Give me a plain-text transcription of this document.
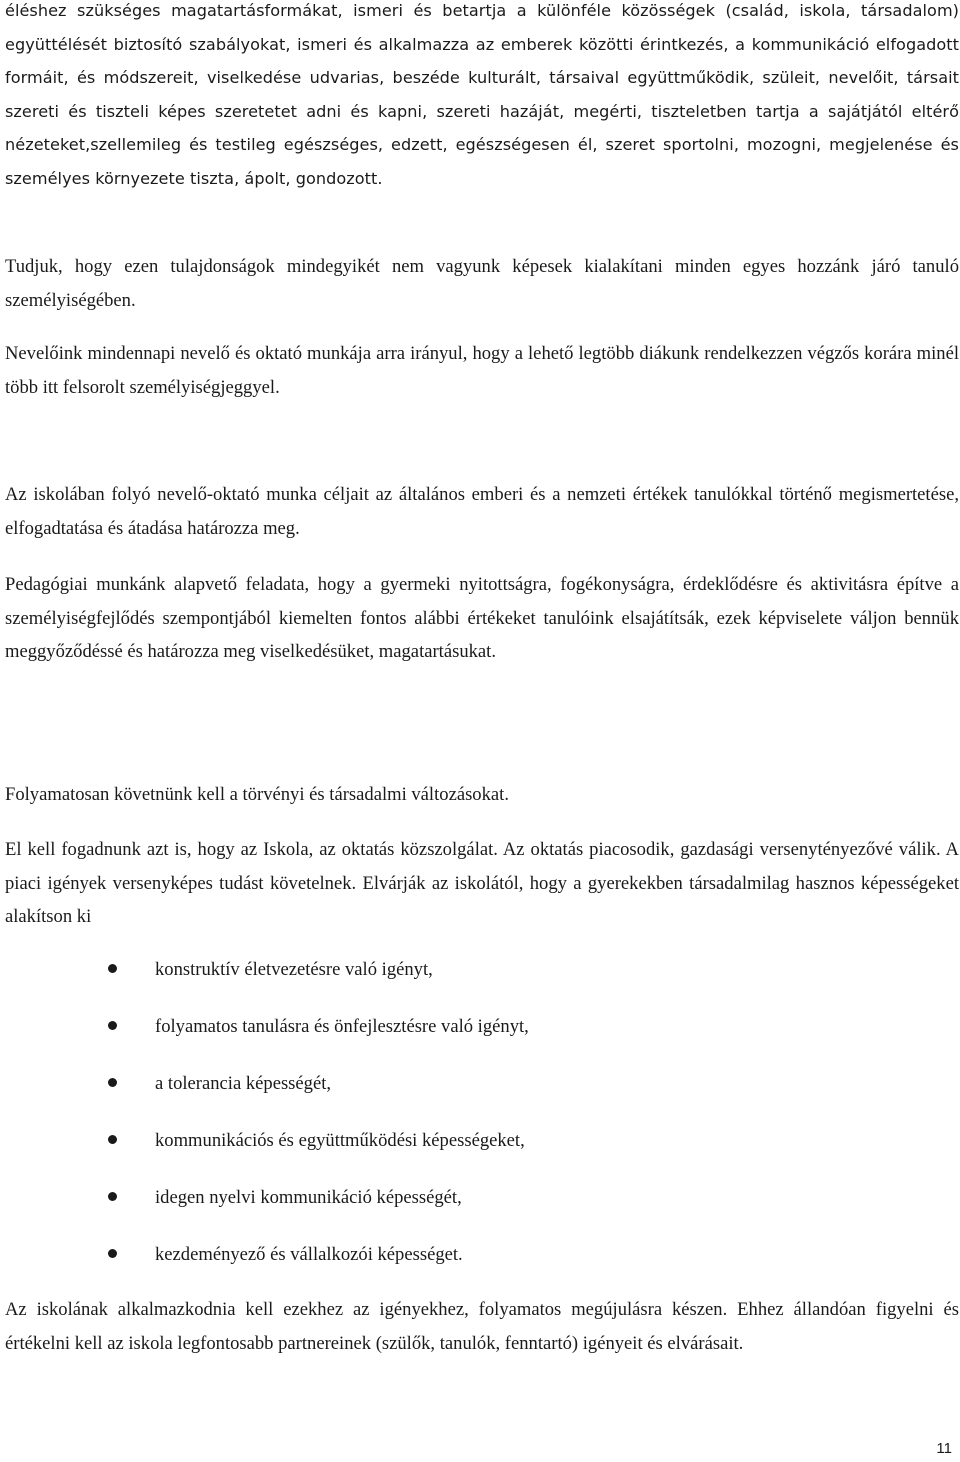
éléshez szükséges magatartásformákat, ismeri és betartja a különféle közösségek (család, iskola, társadalom) együttélését biztosító szabályokat, ismeri és alkalmazza az emberek közötti érintkezés, a kommunikáció elfogadott formáit, és módszereit, viselkedése udvarias, beszéde kulturált, társaival együttműködik, szüleit, nevelőit, társait szereti és tiszteli képes szeretetet adni és kapni, szereti hazáját, megérti, tiszteletben tartja a sajátjától eltérő nézeteket,szellemileg és testileg egészséges, edzett, egészségesen él, szeret sportolni, mozogni, megjelenése és személyes környezete tiszta, ápolt, gondozott.

Tudjuk, hogy ezen tulajdonságok mindegyikét nem vagyunk képesek kialakítani minden egyes hozzánk járó tanuló személyiségében.

Nevelőink mindennapi nevelő és oktató munkája arra irányul, hogy a lehető legtöbb diákunk rendelkezzen végzős korára minél több itt felsorolt személyiségjeggyel.

Az iskolában folyó nevelő-oktató munka céljait az általános emberi és a nemzeti értékek tanulókkal történő megismertetése, elfogadtatása és átadása határozza meg.

Pedagógiai munkánk alapvető feladata, hogy a gyermeki nyitottságra, fogékonyságra, érdeklődésre és aktivitásra építve a személyiségfejlődés szempontjából kiemelten fontos alábbi értékeket tanulóink elsajátítsák, ezek képviselete váljon bennük meggyőződéssé és határozza meg viselkedésüket, magatartásukat.

Folyamatosan követnünk kell a törvényi és társadalmi változásokat.

El kell fogadnunk azt is, hogy az Iskola, az oktatás közszolgálat. Az oktatás piacosodik, gazdasági versenytényezővé válik. A piaci igények versenyképes tudást követelnek. Elvárják az iskolától, hogy a gyerekekben társadalmilag hasznos képességeket alakítson ki

konstruktív életvezetésre való igényt,
folyamatos tanulásra és önfejlesztésre való igényt,
a tolerancia képességét,
kommunikációs és együttműködési képességeket,
idegen nyelvi kommunikáció képességét,
kezdeményező és vállalkozói képességet.

Az iskolának alkalmazkodnia kell ezekhez az igényekhez, folyamatos megújulásra készen. Ehhez állandóan figyelni és értékelni kell az iskola legfontosabb partnereinek (szülők, tanulók, fenntartó) igényeit és elvárásait.

11
